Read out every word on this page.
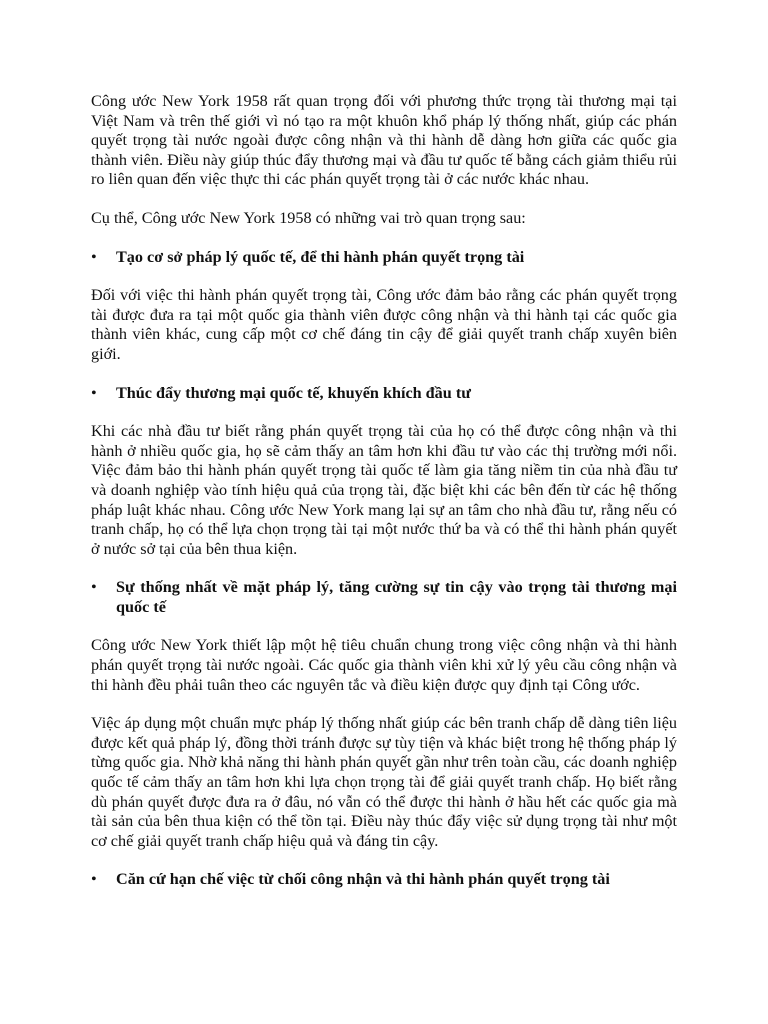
Công ước New York 1958 rất quan trọng đối với phương thức trọng tài thương mại tại Việt Nam và trên thế giới vì nó tạo ra một khuôn khổ pháp lý thống nhất, giúp các phán quyết trọng tài nước ngoài được công nhận và thi hành dễ dàng hơn giữa các quốc gia thành viên. Điều này giúp thúc đẩy thương mại và đầu tư quốc tế bằng cách giảm thiểu rủi ro liên quan đến việc thực thi các phán quyết trọng tài ở các nước khác nhau.

Cụ thể, Công ước New York 1958 có những vai trò quan trọng sau:

• Tạo cơ sở pháp lý quốc tế, để thi hành phán quyết trọng tài

Đối với việc thi hành phán quyết trọng tài, Công ước đảm bảo rằng các phán quyết trọng tài được đưa ra tại một quốc gia thành viên được công nhận và thi hành tại các quốc gia thành viên khác, cung cấp một cơ chế đáng tin cậy để giải quyết tranh chấp xuyên biên giới.

• Thúc đẩy thương mại quốc tế, khuyến khích đầu tư

Khi các nhà đầu tư biết rằng phán quyết trọng tài của họ có thể được công nhận và thi hành ở nhiều quốc gia, họ sẽ cảm thấy an tâm hơn khi đầu tư vào các thị trường mới nổi. Việc đảm bảo thi hành phán quyết trọng tài quốc tế làm gia tăng niềm tin của nhà đầu tư và doanh nghiệp vào tính hiệu quả của trọng tài, đặc biệt khi các bên đến từ các hệ thống pháp luật khác nhau. Công ước New York mang lại sự an tâm cho nhà đầu tư, rằng nếu có tranh chấp, họ có thể lựa chọn trọng tài tại một nước thứ ba và có thể thi hành phán quyết ở nước sở tại của bên thua kiện.

• Sự thống nhất về mặt pháp lý, tăng cường sự tin cậy vào trọng tài thương mại quốc tế

Công ước New York thiết lập một hệ tiêu chuẩn chung trong việc công nhận và thi hành phán quyết trọng tài nước ngoài. Các quốc gia thành viên khi xử lý yêu cầu công nhận và thi hành đều phải tuân theo các nguyên tắc và điều kiện được quy định tại Công ước.

Việc áp dụng một chuẩn mực pháp lý thống nhất giúp các bên tranh chấp dễ dàng tiên liệu được kết quả pháp lý, đồng thời tránh được sự tùy tiện và khác biệt trong hệ thống pháp lý từng quốc gia. Nhờ khả năng thi hành phán quyết gần như trên toàn cầu, các doanh nghiệp quốc tế cảm thấy an tâm hơn khi lựa chọn trọng tài để giải quyết tranh chấp. Họ biết rằng dù phán quyết được đưa ra ở đâu, nó vẫn có thể được thi hành ở hầu hết các quốc gia mà tài sản của bên thua kiện có thể tồn tại. Điều này thúc đẩy việc sử dụng trọng tài như một cơ chế giải quyết tranh chấp hiệu quả và đáng tin cậy.

• Căn cứ hạn chế việc từ chối công nhận và thi hành phán quyết trọng tài
